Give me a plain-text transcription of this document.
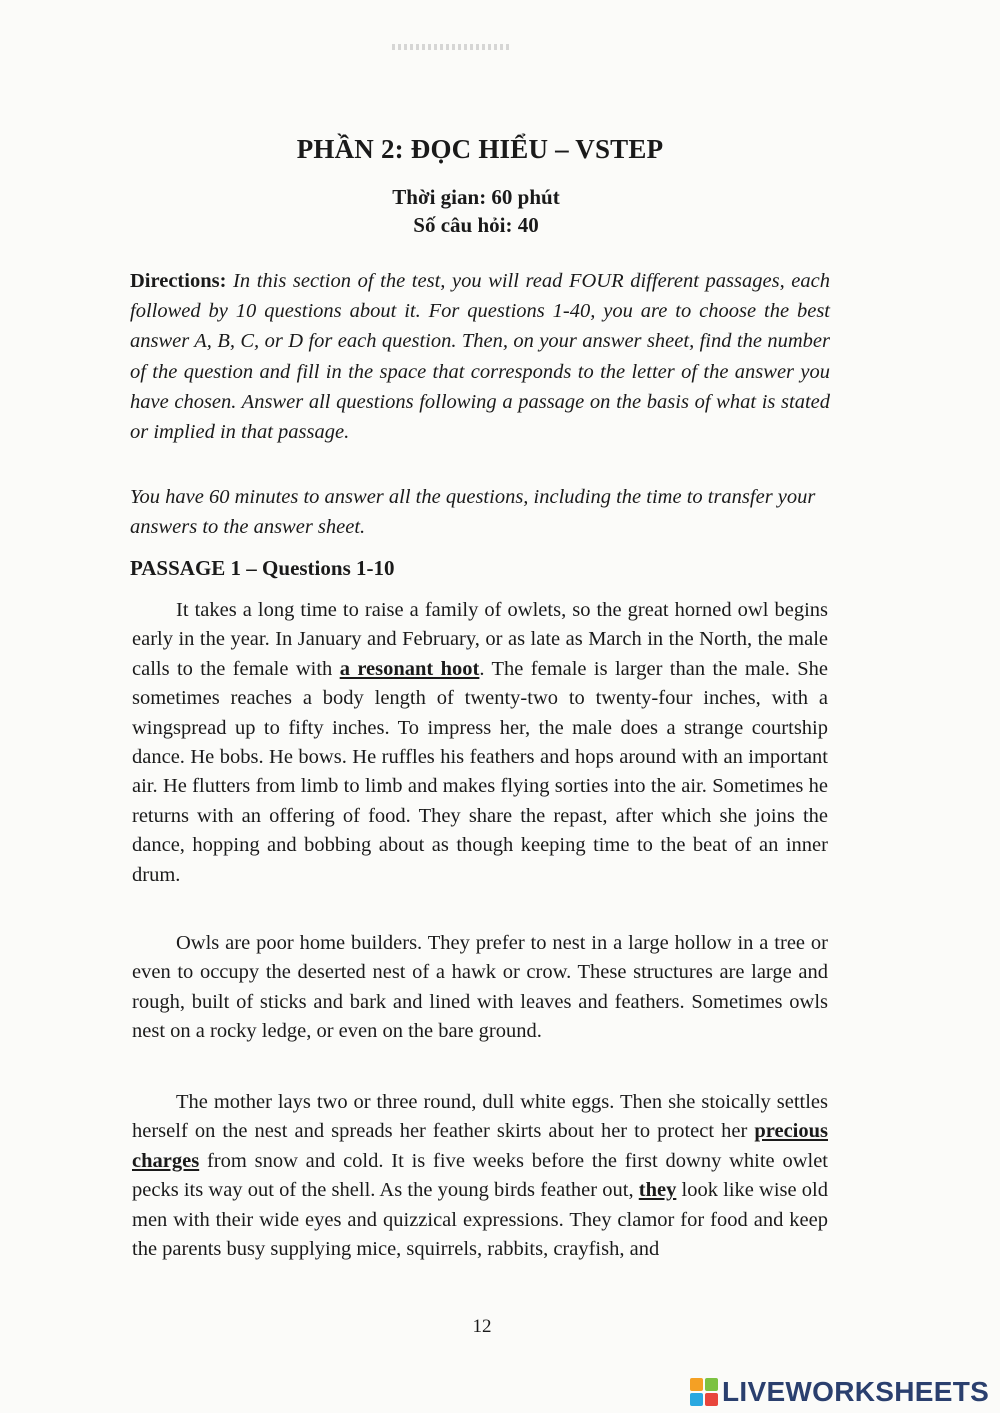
PHẦN 2: ĐỌC HIỂU – VSTEP
Thời gian: 60 phút
Số câu hỏi: 40
Directions: In this section of the test, you will read FOUR different passages, each followed by 10 questions about it. For questions 1-40, you are to choose the best answer A, B, C, or D for each question. Then, on your answer sheet, find the number of the question and fill in the space that corresponds to the letter of the answer you have chosen. Answer all questions following a passage on the basis of what is stated or implied in that passage.
You have 60 minutes to answer all the questions, including the time to transfer your answers to the answer sheet.
PASSAGE 1 – Questions 1-10

It takes a long time to raise a family of owlets, so the great horned owl begins early in the year. In January and February, or as late as March in the North, the male calls to the female with a resonant hoot. The female is larger than the male. She sometimes reaches a body length of twenty-two to twenty-four inches, with a wingspread up to fifty inches. To impress her, the male does a strange courtship dance. He bobs. He bows. He ruffles his feathers and hops around with an important air. He flutters from limb to limb and makes flying sorties into the air. Sometimes he returns with an offering of food. They share the repast, after which she joins the dance, hopping and bobbing about as though keeping time to the beat of an inner drum.

Owls are poor home builders. They prefer to nest in a large hollow in a tree or even to occupy the deserted nest of a hawk or crow. These structures are large and rough, built of sticks and bark and lined with leaves and feathers. Sometimes owls nest on a rocky ledge, or even on the bare ground.

The mother lays two or three round, dull white eggs. Then she stoically settles herself on the nest and spreads her feather skirts about her to protect her precious charges from snow and cold. It is five weeks before the first downy white owlet pecks its way out of the shell. As the young birds feather out, they look like wise old men with their wide eyes and quizzical expressions. They clamor for food and keep the parents busy supplying mice, squirrels, rabbits, crayfish, and

12
LIVEWORKSHEETS
